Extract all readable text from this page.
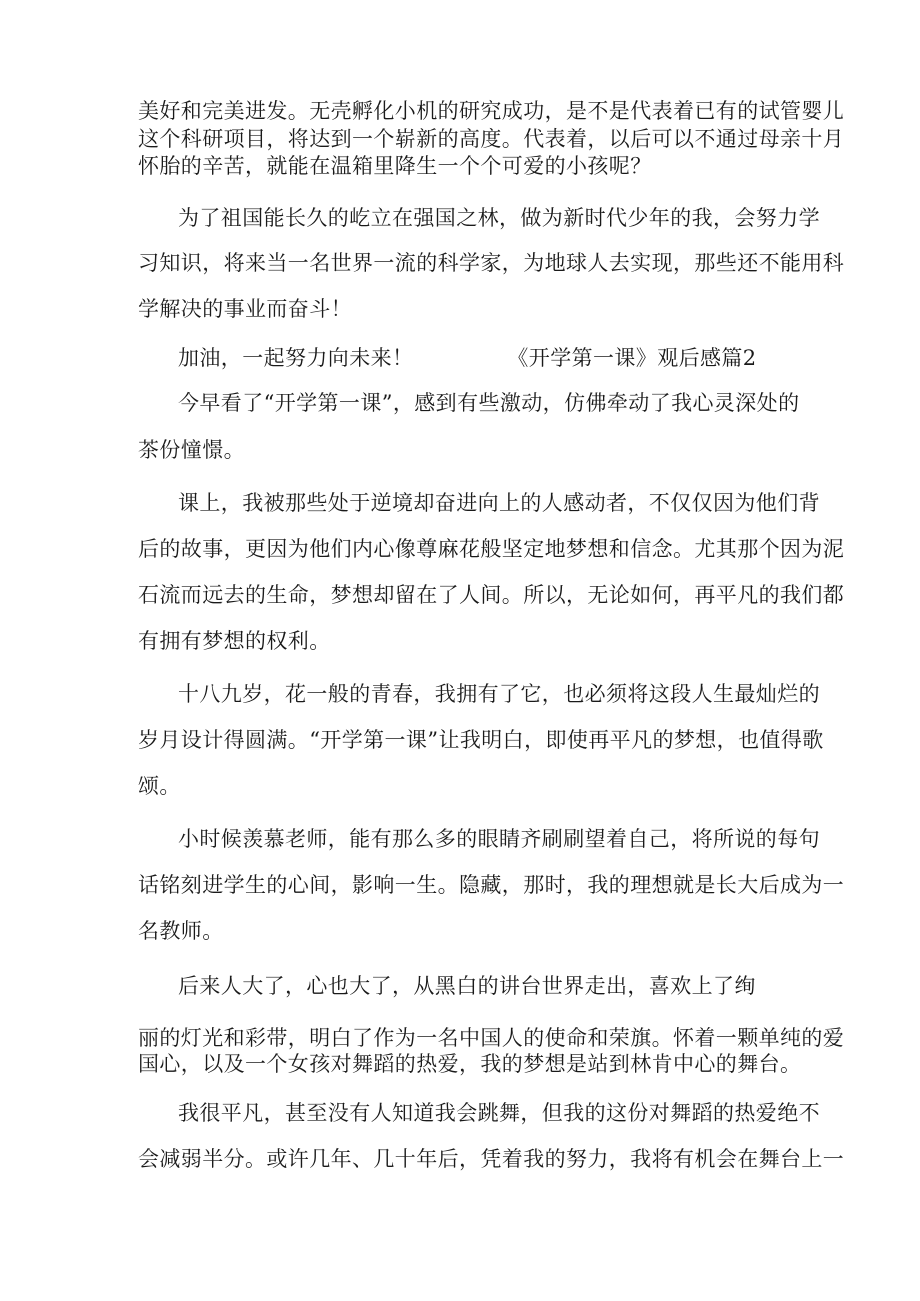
美好和完美进发。无壳孵化小机的研究成功，是不是代表着已有的试管婴儿
这个科研项目，将达到一个崭新的高度。代表着，以后可以不通过母亲十月
怀胎的辛苦，就能在温箱里降生一个个可爱的小孩呢？
为了祖国能长久的屹立在强国之林，做为新时代少年的我，会努力学
习知识，将来当一名世界一流的科学家，为地球人去实现，那些还不能用科
学解决的事业而奋斗！
加油，一起努力向未来！	《开学第一课》观后感篇2
今早看了“开学第一课”，感到有些激动，仿佛牵动了我心灵深处的
茶份憧憬。
课上，我被那些处于逆境却奋进向上的人感动者，不仅仅因为他们背
后的故事，更因为他们内心像尊麻花般坚定地梦想和信念。尤其那个因为泥
石流而远去的生命，梦想却留在了人间。所以，无论如何，再平凡的我们都
有拥有梦想的权利。
十八九岁，花一般的青春，我拥有了它，也必须将这段人生最灿烂的
岁月设计得圆满。“开学第一课”让我明白，即使再平凡的梦想，也值得歌
颂。
小时候羡慕老师，能有那么多的眼睛齐刷刷望着自己，将所说的每句
话铭刻进学生的心间，影响一生。隐藏，那时，我的理想就是长大后成为一
名教师。
后来人大了，心也大了，从黑白的讲台世界走出，喜欢上了绚
丽的灯光和彩带，明白了作为一名中国人的使命和荣旗。怀着一颗单纯的爱
国心，以及一个女孩对舞蹈的热爱，我的梦想是站到林肯中心的舞台。
我很平凡，甚至没有人知道我会跳舞，但我的这份对舞蹈的热爱绝不
会减弱半分。或许几年、几十年后，凭着我的努力，我将有机会在舞台上一
